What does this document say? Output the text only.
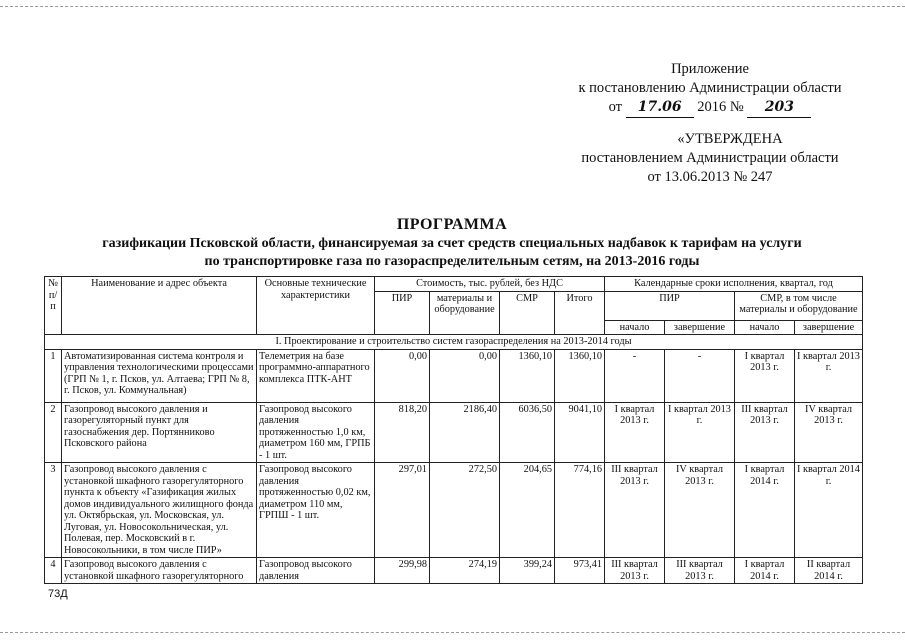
Приложение
к постановлению Администрации области
от 17.06 2016 № 203
«УТВЕРЖДЕНА
постановлением Администрации области
от 13.06.2013 № 247
ПРОГРАММА
газификации Псковской области, финансируемая за счет средств специальных надбавок к тарифам на услуги
по транспортировке газа по газораспределительным сетям, на 2013-2016 годы
№ п/п	Наименование и адрес объекта	Основные технические характеристики	Стоимость, тыс. рублей, без НДС				Календарные сроки исполнения, квартал, год			
			ПИР	материалы и оборудование	СМР	Итого	ПИР		СМР, в том числе материалы и оборудование	
							начало	завершение	начало	завершение
I. Проектирование и строительство систем газораспределения на 2013-2014 годы										
1	Автоматизированная система контроля и управления технологическими процессами (ГРП № 1, г. Псков, ул. Алтаева; ГРП № 8, г. Псков, ул. Коммунальная)	Телеметрия на базе программно-аппаратного комплекса ПТК-АНТ	0,00	0,00	1360,10	1360,10	-	-	I квартал 2013 г.	I квартал 2013 г.
2	Газопровод высокого давления и газорегуляторный пункт для газоснабжения дер. Портянниково Псковского района	Газопровод высокого давления протяженностью 1,0 км, диаметром 160 мм, ГРПБ - 1 шт.	818,20	2186,40	6036,50	9041,10	I квартал 2013 г.	I квартал 2013 г.	III квартал 2013 г.	IV квартал 2013 г.
3	Газопровод высокого давления с установкой шкафного газорегуляторного пункта к объекту «Газификация жилых домов индивидуального жилищного фонда ул. Октябрьская, ул. Московская, ул. Луговая, ул. Новосокольническая, ул. Полевая, пер. Московский в г. Новосокольники, в том числе ПИР»	Газопровод высокого давления протяженностью 0,02 км, диаметром 110 мм, ГРПШ - 1 шт.	297,01	272,50	204,65	774,16	III квартал 2013 г.	IV квартал 2013 г.	I квартал 2014 г.	I квартал 2014 г.
4	Газопровод высокого давления с установкой шкафного газорегуляторного	Газопровод высокого давления	299,98	274,19	399,24	973,41	III квартал 2013 г.	III квартал 2013 г.	I квартал 2014 г.	II квартал 2014 г.
73Д
